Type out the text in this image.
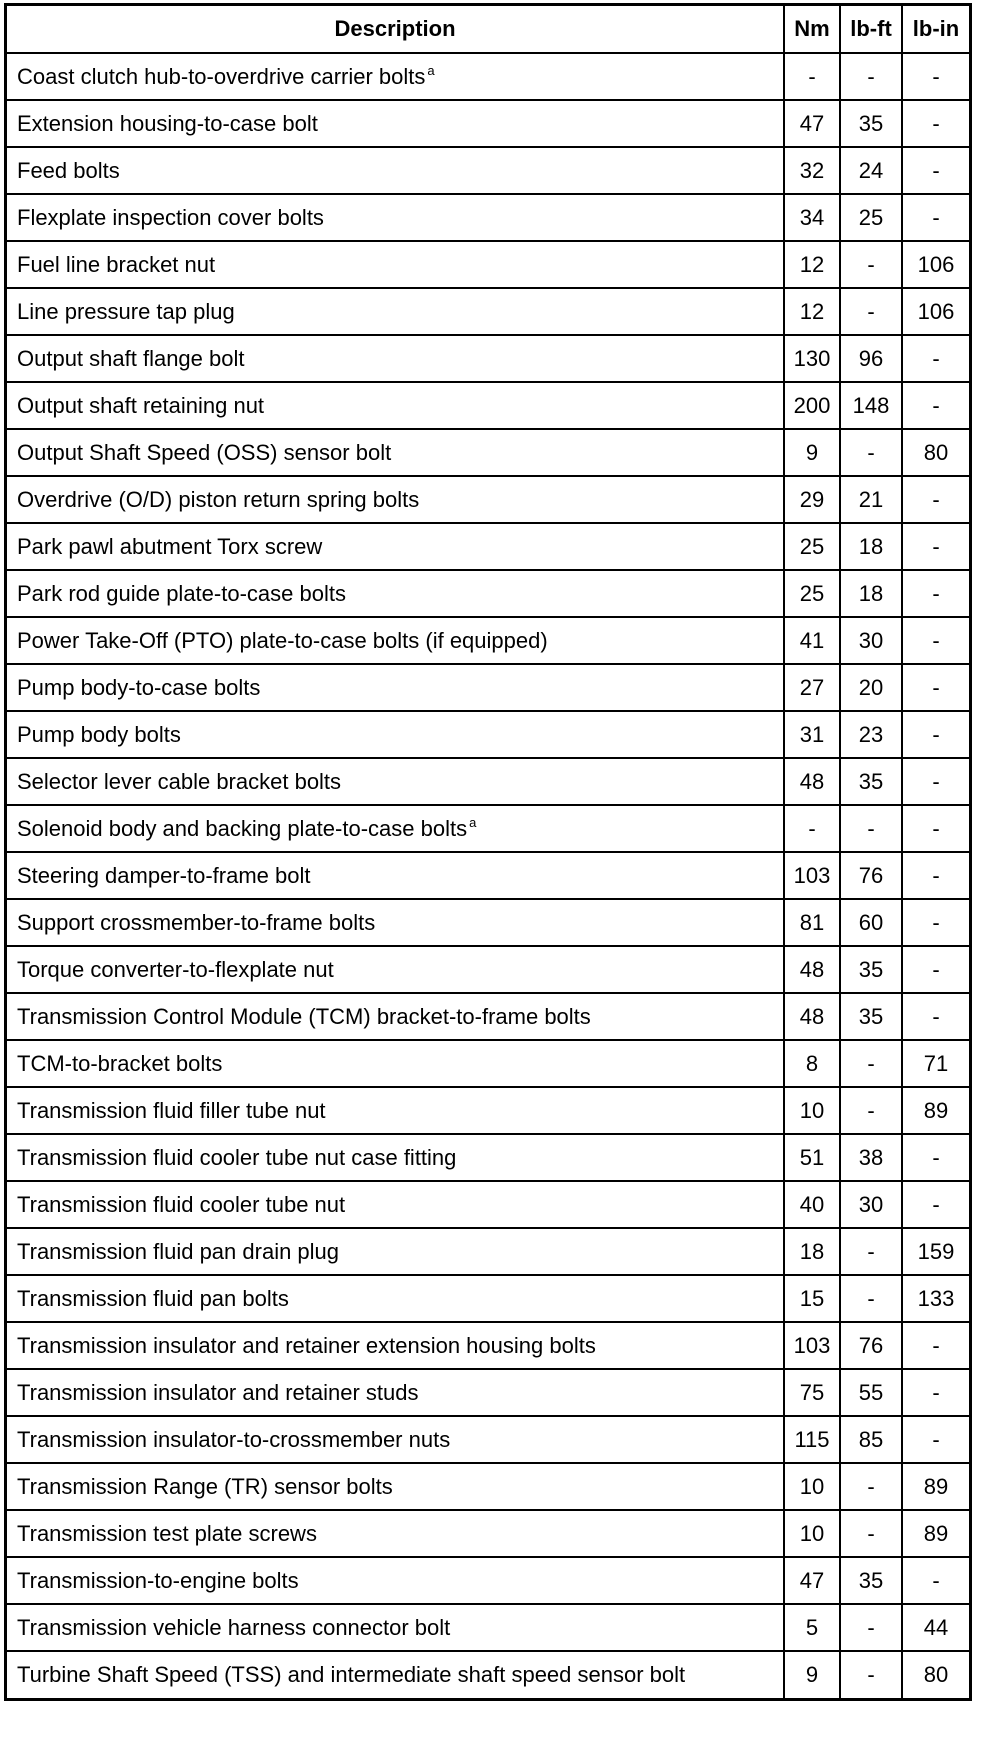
Description	Nm	lb-ft	lb-in
Coast clutch hub-to-overdrive carrier bolts $^a$	-	-	-
Extension housing-to-case bolt	47	35	-
Feed bolts	32	24	-
Flexplate inspection cover bolts	34	25	-
Fuel line bracket nut	12	-	106
Line pressure tap plug	12	-	106
Output shaft flange bolt	130	96	-
Output shaft retaining nut	200	148	-
Output Shaft Speed (OSS) sensor bolt	9	-	80
Overdrive (O/D) piston return spring bolts	29	21	-
Park pawl abutment Torx screw	25	18	-
Park rod guide plate-to-case bolts	25	18	-
Power Take-Off (PTO) plate-to-case bolts (if equipped)	41	30	-
Pump body-to-case bolts	27	20	-
Pump body bolts	31	23	-
Selector lever cable bracket bolts	48	35	-
Solenoid body and backing plate-to-case bolts $^a$	-	-	-
Steering damper-to-frame bolt	103	76	-
Support crossmember-to-frame bolts	81	60	-
Torque converter-to-flexplate nut	48	35	-
Transmission Control Module (TCM) bracket-to-frame bolts	48	35	-
TCM-to-bracket bolts	8	-	71
Transmission fluid filler tube nut	10	-	89
Transmission fluid cooler tube nut case fitting	51	38	-
Transmission fluid cooler tube nut	40	30	-
Transmission fluid pan drain plug	18	-	159
Transmission fluid pan bolts	15	-	133
Transmission insulator and retainer extension housing bolts	103	76	-
Transmission insulator and retainer studs	75	55	-
Transmission insulator-to-crossmember nuts	115	85	-
Transmission Range (TR) sensor bolts	10	-	89
Transmission test plate screws	10	-	89
Transmission-to-engine bolts	47	35	-
Transmission vehicle harness connector bolt	5	-	44
Turbine Shaft Speed (TSS) and intermediate shaft speed sensor bolt	9	-	80
